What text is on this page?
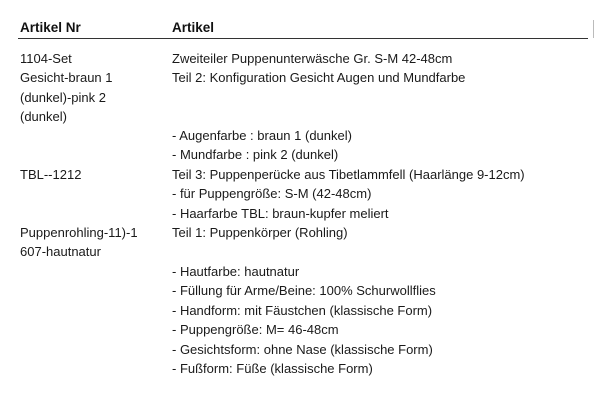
Artikel Nr	Artikel
1104-Set
Gesicht-braun 1
(dunkel)-pink 2
(dunkel)
Zweiteiler Puppenunterwäsche Gr. S-M 42-48cm
Teil 2: Konfiguration Gesicht Augen und Mundfarbe
- Augenfarbe : braun 1 (dunkel)
- Mundfarbe : pink 2 (dunkel)
TBL--1212	Teil 3: Puppenperücke aus Tibetlammfell (Haarlänge 9-12cm)
- für Puppengröße: S-M (42-48cm)
- Haarfarbe TBL: braun-kupfer meliert
Puppenrohling-11)-1
607-hautnatur
Teil 1: Puppenkörper (Rohling)
- Hautfarbe: hautnatur
- Füllung für Arme/Beine: 100% Schurwollflies
- Handform: mit Fäustchen (klassische Form)
- Puppengröße: M= 46-48cm
- Gesichtsform: ohne Nase (klassische Form)
- Fußform: Füße (klassische Form)
